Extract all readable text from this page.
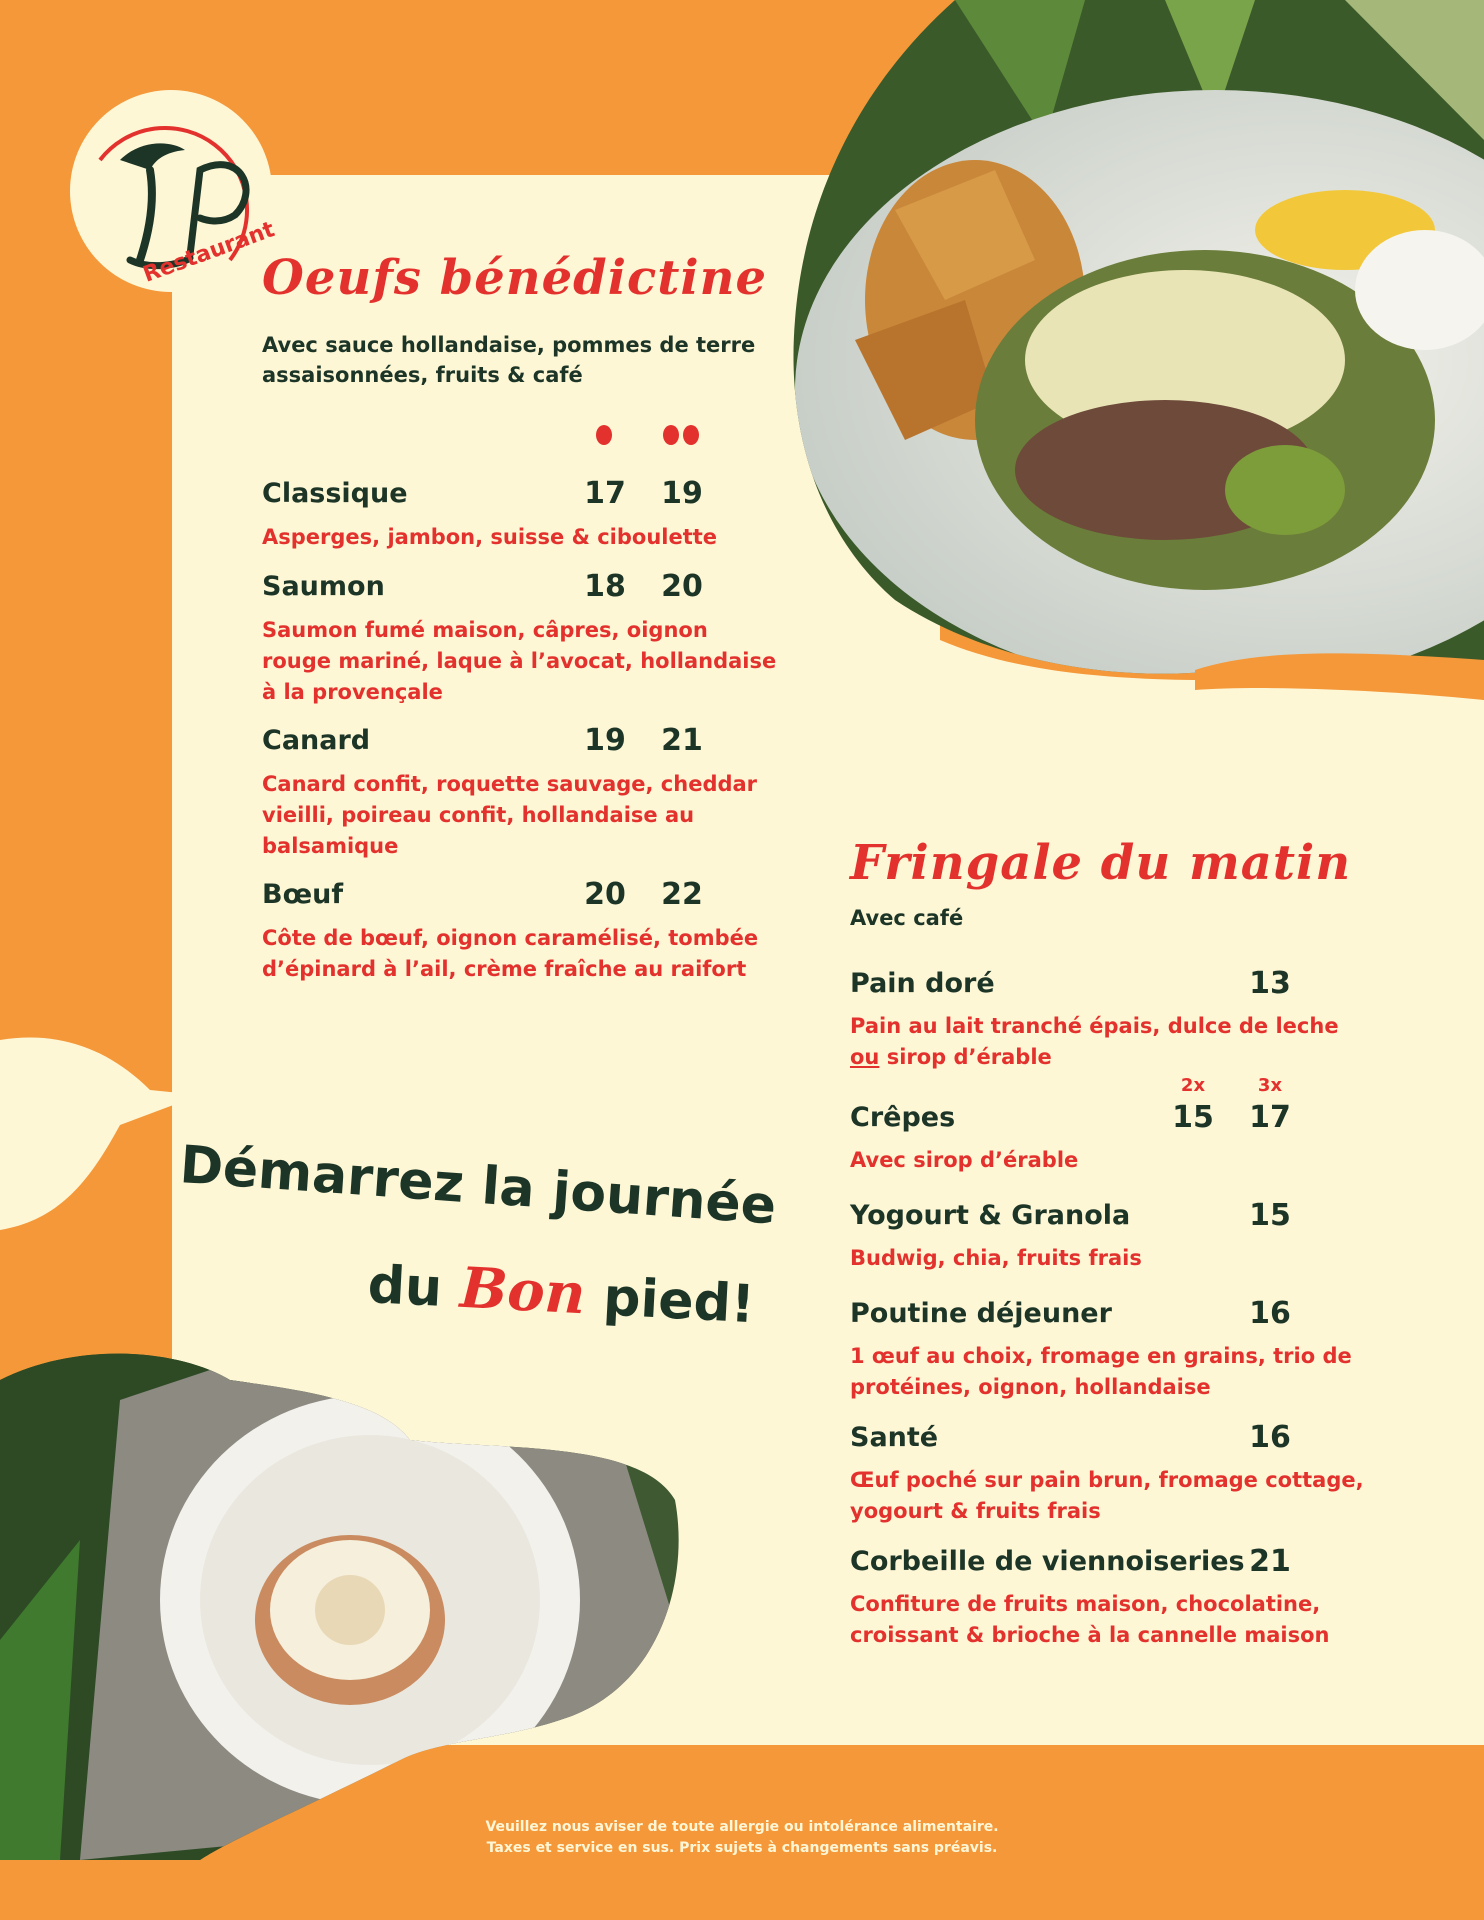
Restaurant
Oeufs bénédictine
Avec sauce hollandaise, pommes de terre
assaisonnées, fruits & café
Classique	17	19
Asperges, jambon, suisse & ciboulette
Saumon	18	20
Saumon fumé maison, câpres, oignon
rouge mariné, laque à l’avocat, hollandaise
à la provençale
Canard	19	21
Canard confit, roquette sauvage, cheddar
vieilli, poireau confit, hollandaise au
balsamique
Bœuf	20	22
Côte de bœuf, oignon caramélisé, tombée
d’épinard à l’ail, crème fraîche au raifort
Démarrez la journée
du Bon pied!
Fringale du matin
Avec café
Pain doré	13
Pain au lait tranché épais, dulce de leche
ou sirop d’érable
2x	3x
Crêpes	15	17
Avec sirop d’érable
Yogourt & Granola	15
Budwig, chia, fruits frais
Poutine déjeuner	16
1 œuf au choix, fromage en grains, trio de
protéines, oignon, hollandaise
Santé	16
Œuf poché sur pain brun, fromage cottage,
yogourt & fruits frais
Corbeille de viennoiseries 21
Confiture de fruits maison, chocolatine,
croissant & brioche à la cannelle maison
Veuillez nous aviser de toute allergie ou intolérance alimentaire.
Taxes et service en sus. Prix sujets à changements sans préavis.
